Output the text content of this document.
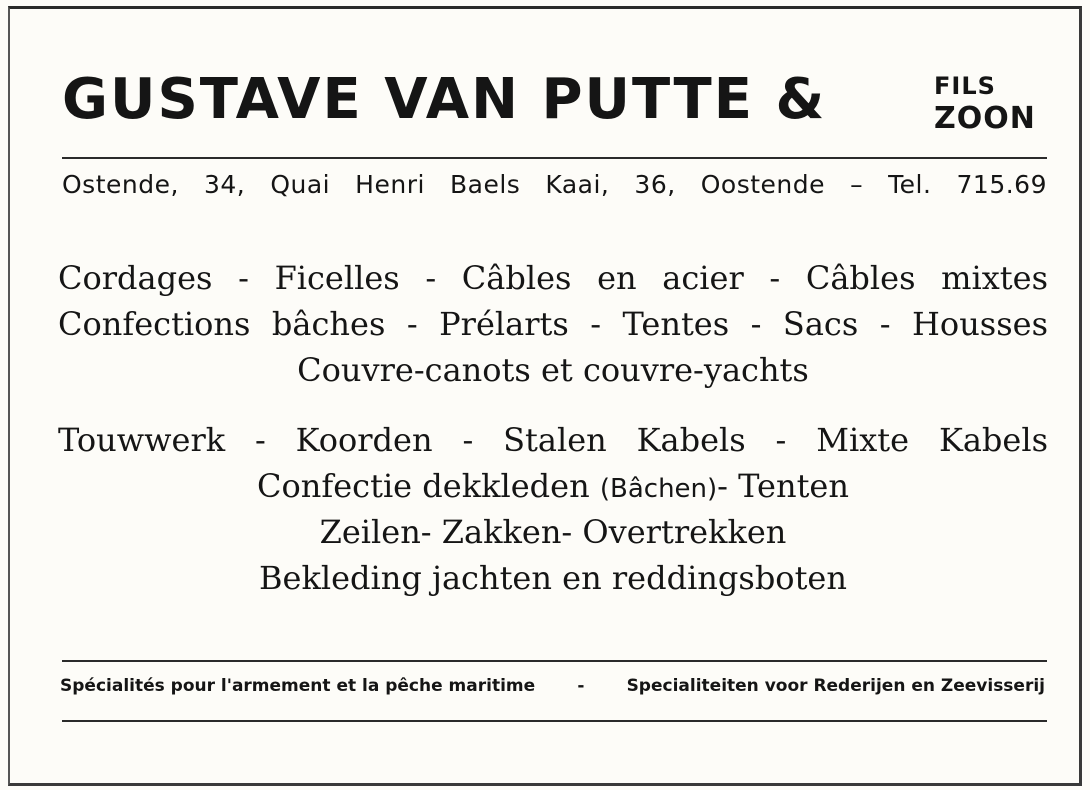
GUSTAVE VAN PUTTE &	FILS
ZOON
Ostende, 34, Quai Henri Baels Kaai, 36, Oostende – Tel. 715.69
Cordages - Ficelles - Câbles en acier - Câbles mixtes
Confections bâches - Prélarts - Tentes - Sacs - Housses
Couvre-canots et couvre-yachts
Touwwerk - Koorden - Stalen Kabels - Mixte Kabels
Confectie dekkleden (Bâchen)- Tenten
Zeilen- Zakken- Overtrekken
Bekleding jachten en reddingsboten
Spécialités pour l'armement et la pêche maritime - Specialiteiten voor Rederijen en Zeevisserij
